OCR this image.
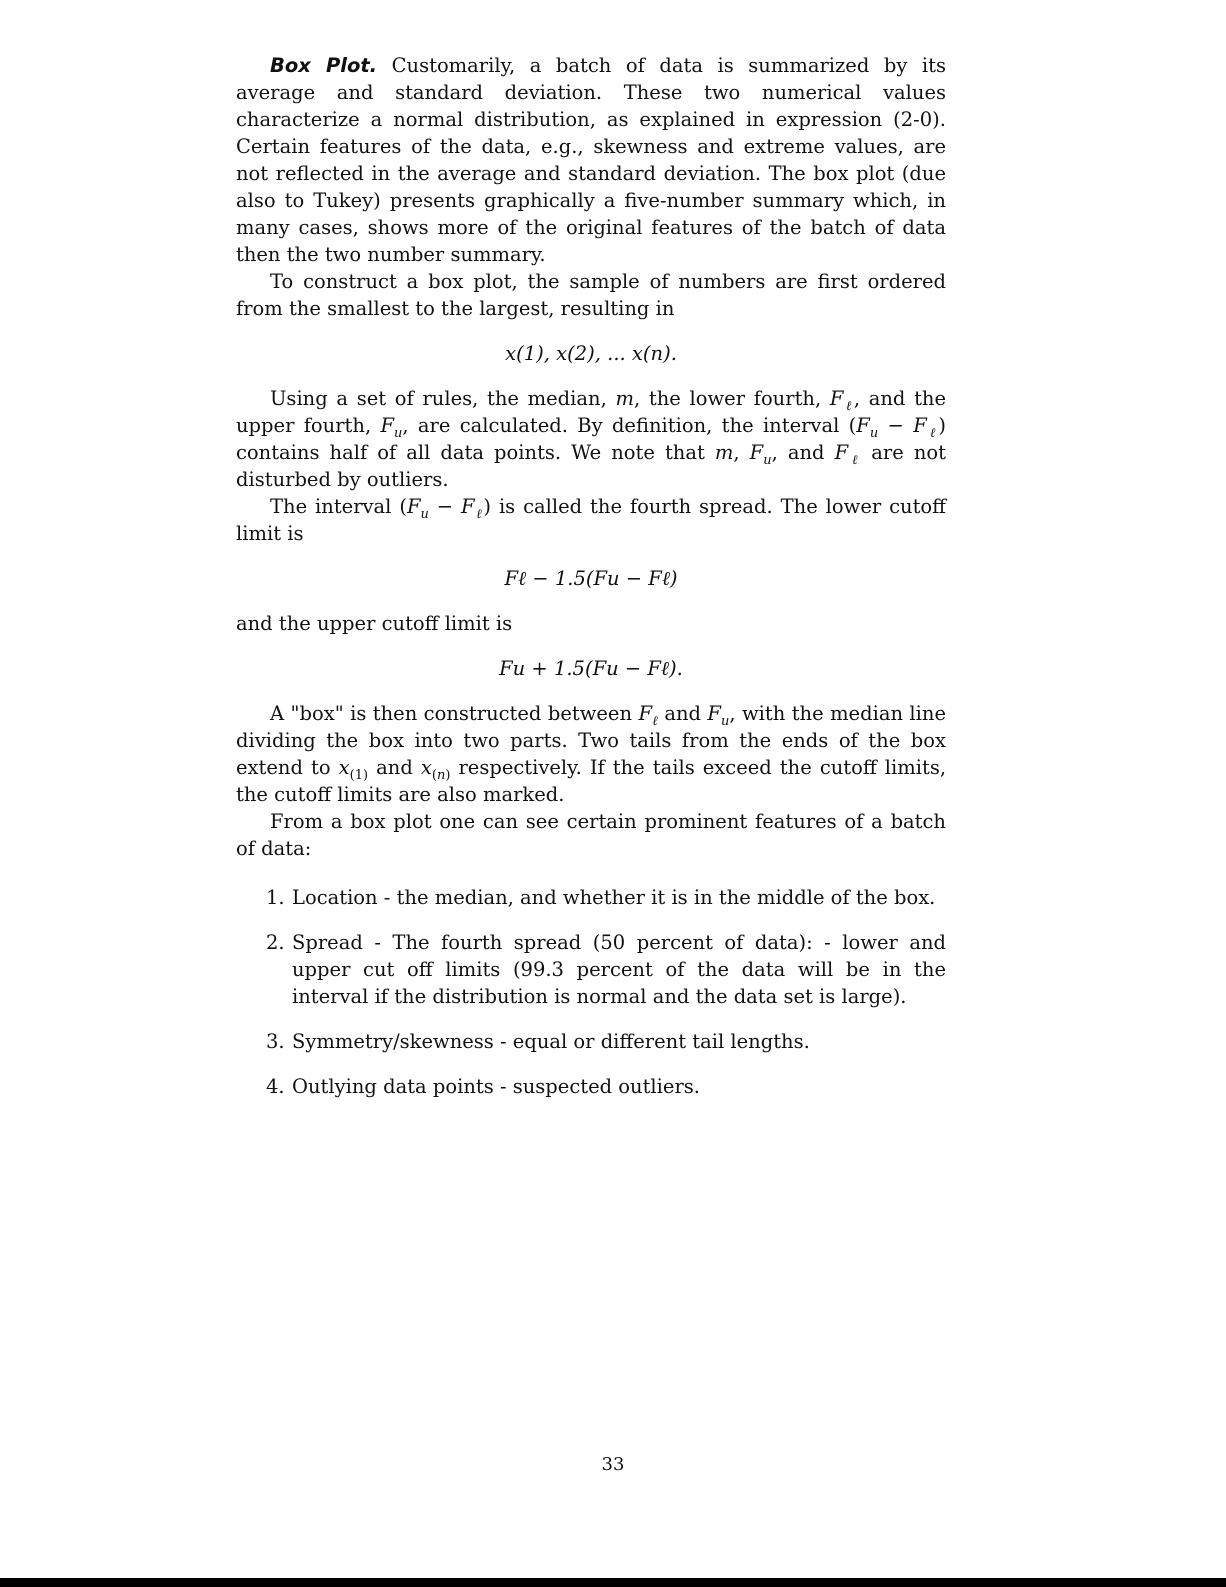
Box Plot. Customarily, a batch of data is summarized by its average and standard deviation. These two numerical values characterize a normal distribution, as explained in expression (2-0). Certain features of the data, e.g., skewness and extreme values, are not reflected in the average and standard deviation. The box plot (due also to Tukey) presents graphically a five-number summary which, in many cases, shows more of the original features of the batch of data then the two number summary.

To construct a box plot, the sample of numbers are first ordered from the smallest to the largest, resulting in

x(1), x(2), ... x(n).

Using a set of rules, the median, m, the lower fourth, $F_\ell$, and the upper fourth, $F_u$, are calculated. By definition, the interval $(F_u - F_\ell)$ contains half of all data points. We note that m, $F_u$, and $F_\ell$ are not disturbed by outliers.

The interval $(F_u - F_\ell)$ is called the fourth spread. The lower cutoff limit is

Fℓ − 1.5(Fu − Fℓ)

and the upper cutoff limit is

Fu + 1.5(Fu − Fℓ).

A "box" is then constructed between $F_\ell$ and $F_u$, with the median line dividing the box into two parts. Two tails from the ends of the box extend to $x_{(1)}$ and $x_{(n)}$ respectively. If the tails exceed the cutoff limits, the cutoff limits are also marked.

From a box plot one can see certain prominent features of a batch of data:

1. Location - the median, and whether it is in the middle of the box.
2. Spread - The fourth spread (50 percent of data): - lower and upper cut off limits (99.3 percent of the data will be in the interval if the distribution is normal and the data set is large).
3. Symmetry/skewness - equal or different tail lengths.
4. Outlying data points - suspected outliers.
33
